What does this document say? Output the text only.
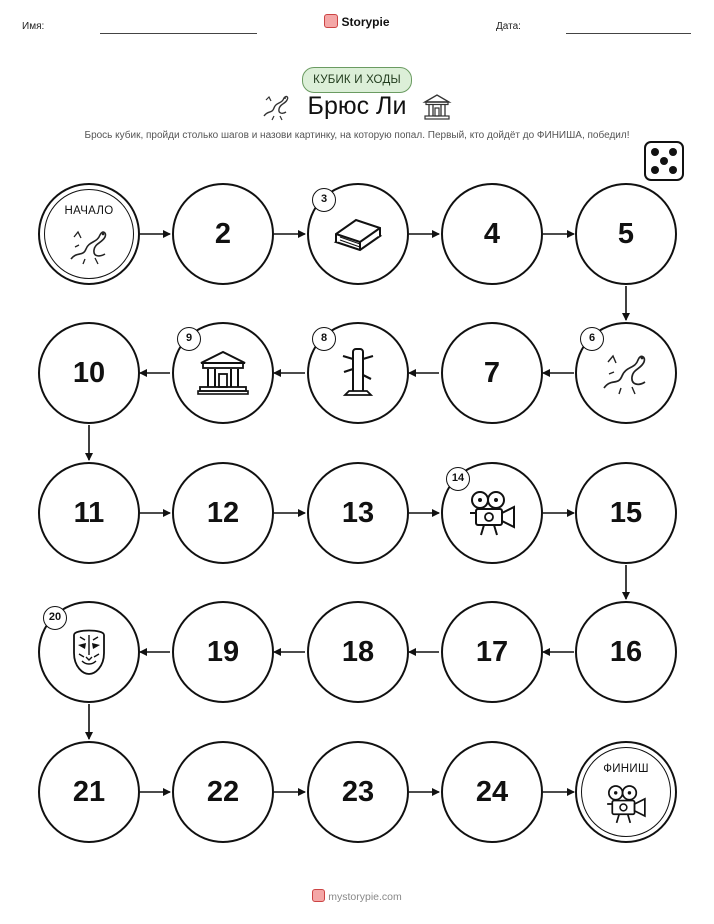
Имя:	Storypie	Дата:
КУБИК И ХОДЫ
Брюс Ли
Брось кубик, пройди столько шагов и назови картинку, на которую попал. Первый, кто дойдёт до ФИНИША, победил!
НАЧАЛО
2
3
4	5
10
9	8
7
6
11	12	13
14
15
20
19	18	17	16
21	22	23	24
ФИНИШ
mystorypie.com
